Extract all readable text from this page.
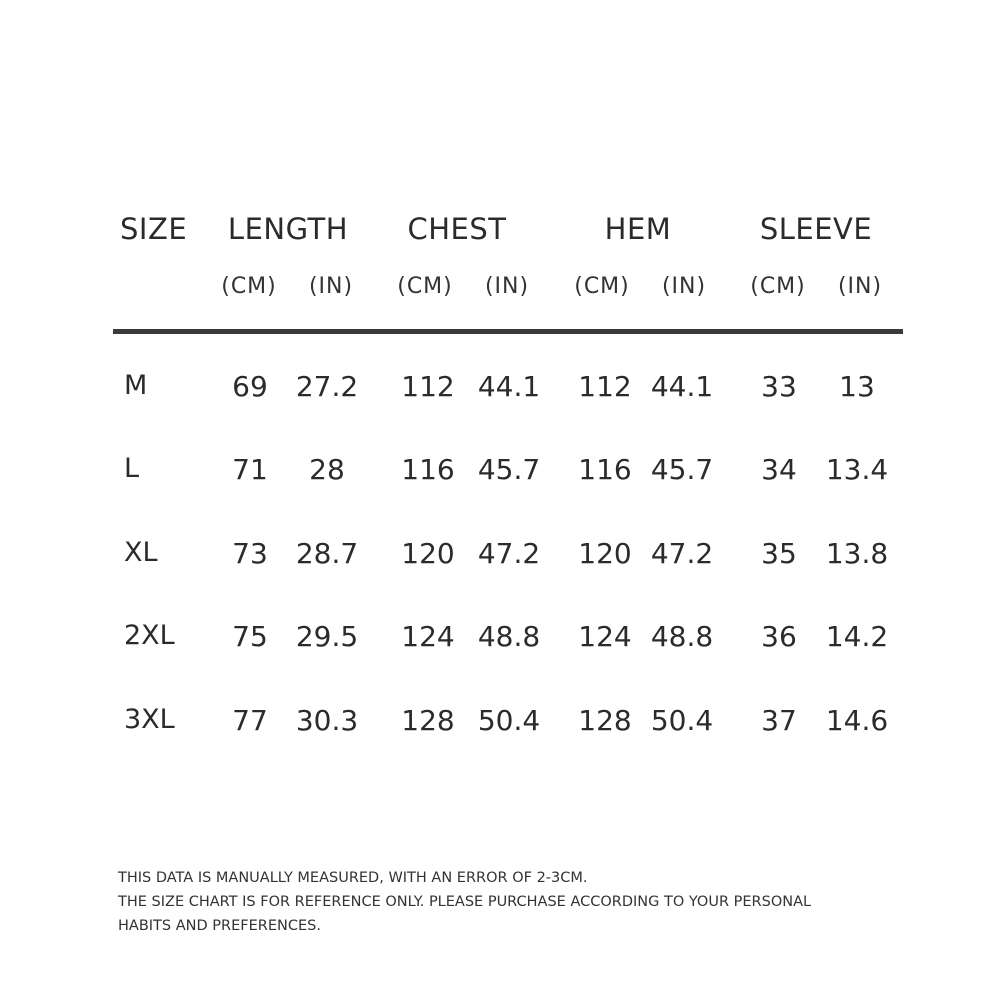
SIZE LENGTH CHEST	HEM	SLEEVE
(CM) (IN) (CM) (IN) (CM) (IN) (CM) (IN)
M	69 27.2 112 44.1 112 44.1 33 13
L	71 28 116 45.7 116 45.7 34 13.4
XL	73 28.7 120 47.2 120 47.2 35 13.8
2XL 75 29.5 124 48.8 124 48.8 36 14.2
3XL 77 30.3 128 50.4 128 50.4 37 14.6
THIS DATA IS MANUALLY MEASURED, WITH AN ERROR OF 2-3CM.
THE SIZE CHART IS FOR REFERENCE ONLY. PLEASE PURCHASE ACCORDING TO YOUR PERSONAL
HABITS AND PREFERENCES.
